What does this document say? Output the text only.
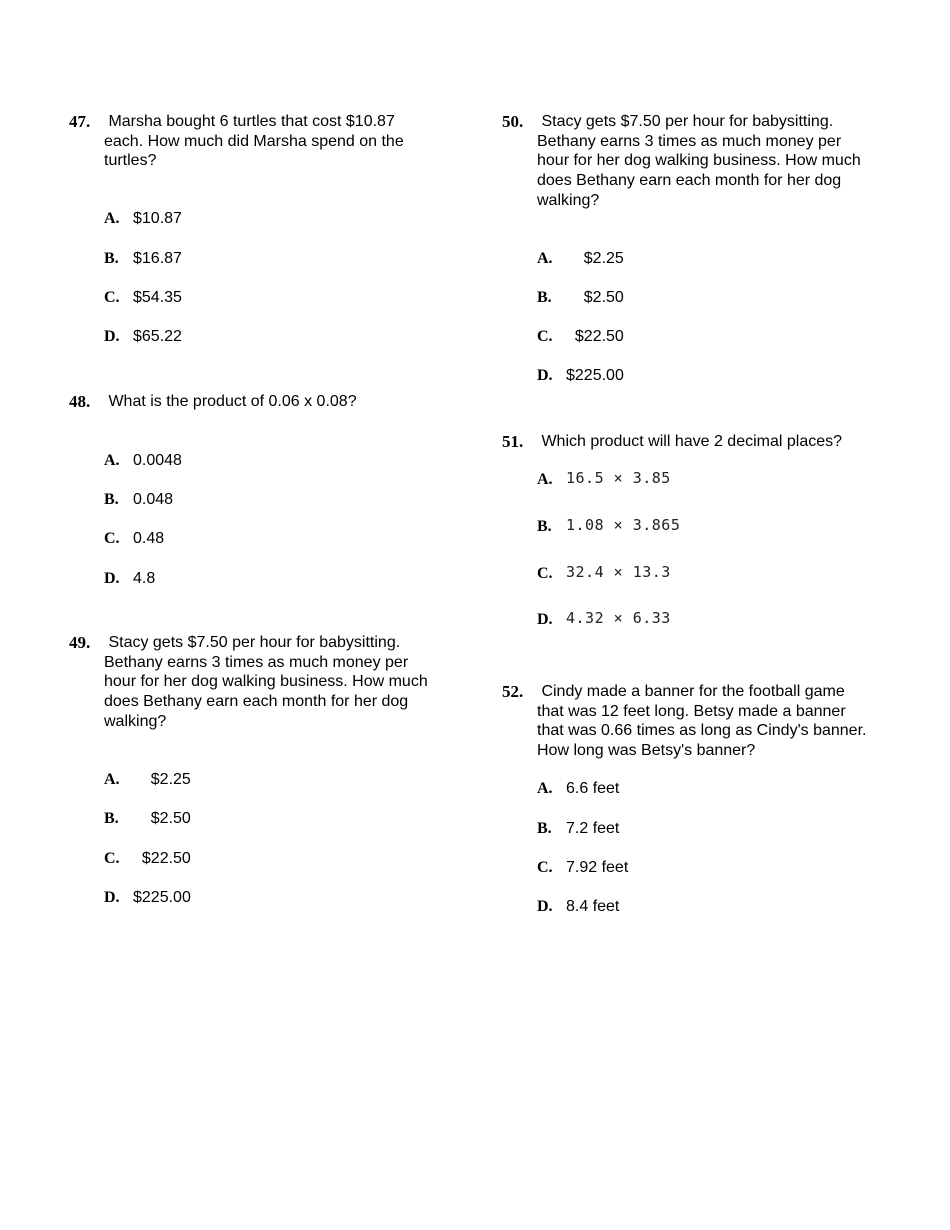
47. Marsha bought 6 turtles that cost $10.87
each. How much did Marsha spend on the
turtles?
A. $10.87
B. $16.87
C. $54.35
D. $65.22
48. What is the product of 0.06 x 0.08?
A. 0.0048
B. 0.048
C. 0.48
D. 4.8
49. Stacy gets $7.50 per hour for babysitting.
Bethany earns 3 times as much money per
hour for her dog walking business. How much
does Bethany earn each month for her dog
walking?
A. $2.25
B. $2.50
C. $22.50
D. $225.00
50. Stacy gets $7.50 per hour for babysitting.
Bethany earns 3 times as much money per
hour for her dog walking business. How much
does Bethany earn each month for her dog
walking?
A. $2.25
B. $2.50
C. $22.50
D. $225.00
51. Which product will have 2 decimal places?
A. 16.5 × 3.85
B. 1.08 × 3.865
C. 32.4 × 13.3
D. 4.32 × 6.33
52. Cindy made a banner for the football game
that was 12 feet long. Betsy made a banner
that was 0.66 times as long as Cindy's banner.
How long was Betsy's banner?
A. 6.6 feet
B. 7.2 feet
C. 7.92 feet
D. 8.4 feet
